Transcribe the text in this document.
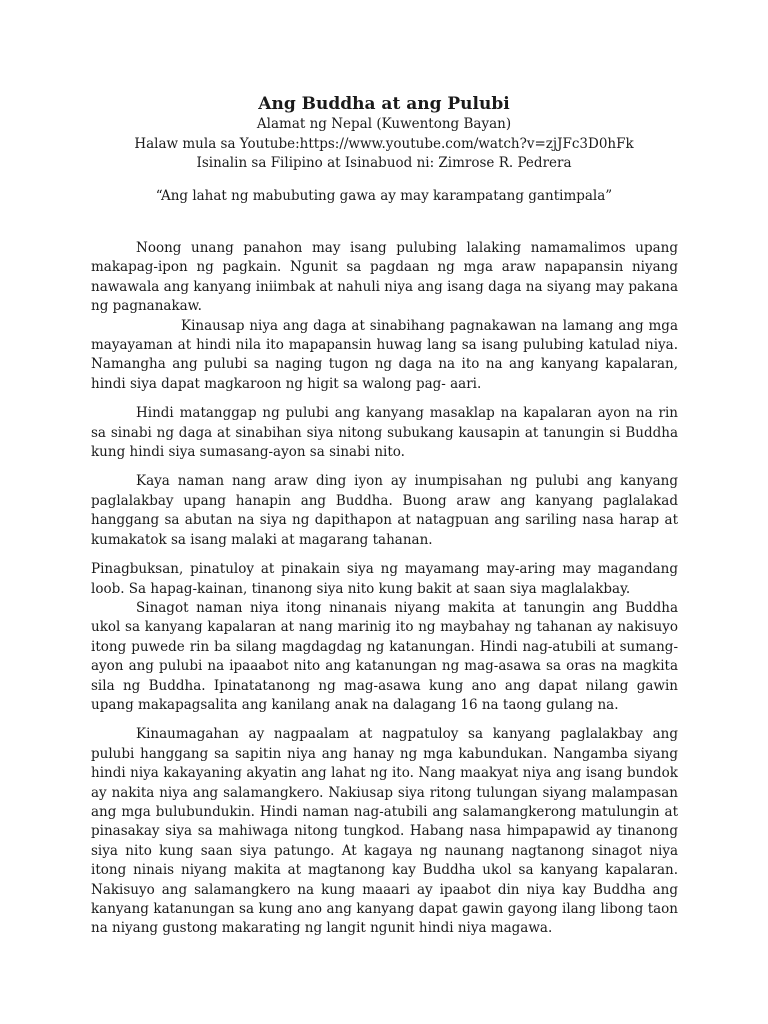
Ang Buddha at ang Pulubi

Alamat ng Nepal (Kuwentong Bayan)

Halaw mula sa Youtube:https://www.youtube.com/watch?v=zjJFc3D0hFk

Isinalin sa Filipino at Isinabuod ni: Zimrose R. Pedrera

“Ang lahat ng mabubuting gawa ay may karampatang gantimpala”

Noong unang panahon may isang pulubing lalaking namamalimos upang makapag-ipon ng pagkain. Ngunit sa pagdaan ng mga araw napapansin niyang nawawala ang kanyang iniimbak at nahuli niya ang isang daga na siyang may pakana ng pagnanakaw.

Kinausap niya ang daga at sinabihang pagnakawan na lamang ang mga mayayaman at hindi nila ito mapapansin huwag lang sa isang pulubing katulad niya. Namangha ang pulubi sa naging tugon ng daga na ito na ang kanyang kapalaran, hindi siya dapat magkaroon ng higit sa walong pag- aari.

Hindi matanggap ng pulubi ang kanyang masaklap na kapalaran ayon na rin sa sinabi ng daga at sinabihan siya nitong subukang kausapin at tanungin si Buddha kung hindi siya sumasang-ayon sa sinabi nito.

Kaya naman nang araw ding iyon ay inumpisahan ng pulubi ang kanyang paglalakbay upang hanapin ang Buddha. Buong araw ang kanyang paglalakad hanggang sa abutan na siya ng dapithapon at natagpuan ang sariling nasa harap at kumakatok sa isang malaki at magarang tahanan.

Pinagbuksan, pinatuloy at pinakain siya ng mayamang may-aring may magandang loob. Sa hapag-kainan, tinanong siya nito kung bakit at saan siya maglalakbay.

Sinagot naman niya itong ninanais niyang makita at tanungin ang Buddha ukol sa kanyang kapalaran at nang marinig ito ng maybahay ng tahanan ay nakisuyo itong puwede rin ba silang magdagdag ng katanungan. Hindi nag-atubili at sumang-ayon ang pulubi na ipaaabot nito ang katanungan ng mag-asawa sa oras na magkita sila ng Buddha. Ipinatatanong ng mag-asawa kung ano ang dapat nilang gawin upang makapagsalita ang kanilang anak na dalagang 16 na taong gulang na.

Kinaumagahan ay nagpaalam at nagpatuloy sa kanyang paglalakbay ang pulubi hanggang sa sapitin niya ang hanay ng mga kabundukan. Nangamba siyang hindi niya kakayaning akyatin ang lahat ng ito. Nang maakyat niya ang isang bundok ay nakita niya ang salamangkero. Nakiusap siya ritong tulungan siyang malampasan ang mga bulubundukin. Hindi naman nag-atubili ang salamangkerong matulungin at pinasakay siya sa mahiwaga nitong tungkod. Habang nasa himpapawid ay tinanong siya nito kung saan siya patungo. At kagaya ng naunang nagtanong sinagot niya itong ninais niyang makita at magtanong kay Buddha ukol sa kanyang kapalaran. Nakisuyo ang salamangkero na kung maaari ay ipaabot din niya kay Buddha ang kanyang katanungan sa kung ano ang kanyang dapat gawin gayong ilang libong taon na niyang gustong makarating ng langit ngunit hindi niya magawa.
